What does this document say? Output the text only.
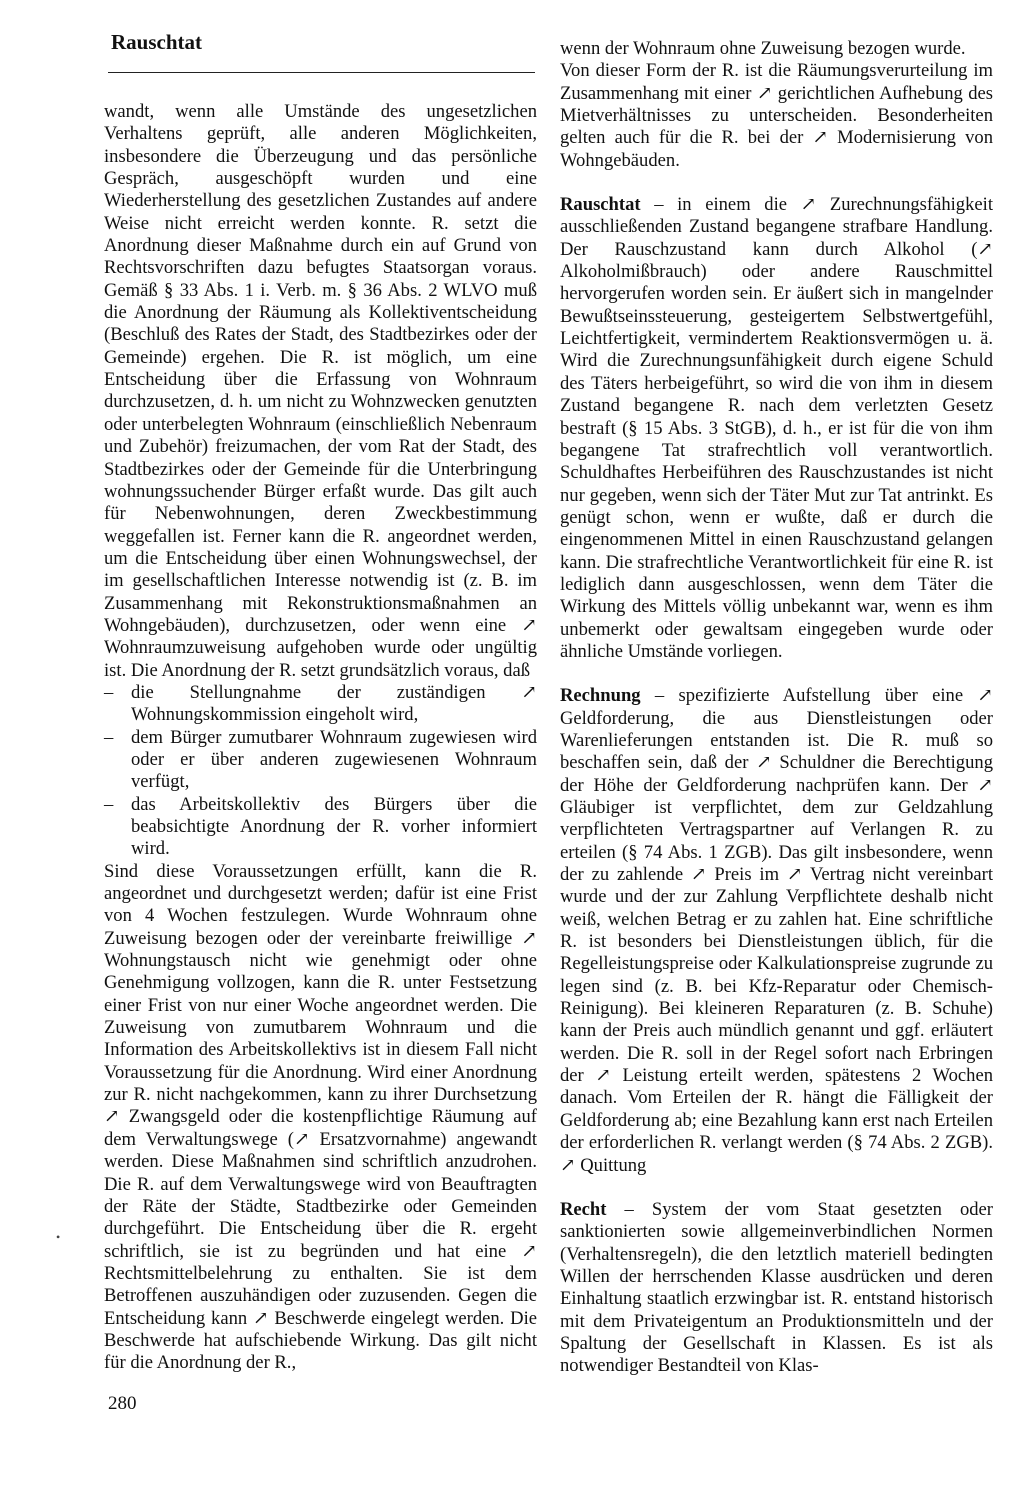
Rauschtat

wandt, wenn alle Umstände des ungesetzlichen Verhaltens geprüft, alle anderen Möglichkeiten, insbesondere die Überzeugung und das persönliche Gespräch, ausgeschöpft wurden und eine Wiederherstellung des gesetzlichen Zustandes auf andere Weise nicht erreicht werden konnte. R. setzt die Anordnung dieser Maßnahme durch ein auf Grund von Rechtsvorschriften dazu befugtes Staatsorgan voraus. Gemäß § 33 Abs. 1 i. Verb. m. § 36 Abs. 2 WLVO muß die Anordnung der Räumung als Kollektiventscheidung (Beschluß des Rates der Stadt, des Stadtbezirkes oder der Gemeinde) ergehen. Die R. ist möglich, um eine Entscheidung über die Erfassung von Wohnraum durchzusetzen, d. h. um nicht zu Wohnzwecken genutzten oder unterbelegten Wohnraum (einschließlich Nebenraum und Zubehör) freizumachen, der vom Rat der Stadt, des Stadtbezirkes oder der Gemeinde für die Unterbringung wohnungssuchender Bürger erfaßt wurde. Das gilt auch für Nebenwohnungen, deren Zweckbestimmung weggefallen ist. Ferner kann die R. angeordnet werden, um die Entscheidung über einen Wohnungswechsel, der im gesellschaftlichen Interesse notwendig ist (z. B. im Zusammenhang mit Rekonstruktionsmaßnahmen an Wohngebäuden), durchzusetzen, oder wenn eine ↗ Wohnraumzuweisung aufgehoben wurde oder ungültig ist. Die Anordnung der R. setzt grundsätzlich voraus, daß

– die Stellungnahme der zuständigen ↗ Wohnungskommission eingeholt wird,
– dem Bürger zumutbarer Wohnraum zugewiesen wird oder er über anderen zugewiesenen Wohnraum verfügt,
– das Arbeitskollektiv des Bürgers über die beabsichtigte Anordnung der R. vorher informiert wird.

Sind diese Voraussetzungen erfüllt, kann die R. angeordnet und durchgesetzt werden; dafür ist eine Frist von 4 Wochen festzulegen. Wurde Wohnraum ohne Zuweisung bezogen oder der vereinbarte freiwillige ↗ Wohnungstausch nicht wie genehmigt oder ohne Genehmigung vollzogen, kann die R. unter Festsetzung einer Frist von nur einer Woche angeordnet werden. Die Zuweisung von zumutbarem Wohnraum und die Information des Arbeitskollektivs ist in diesem Fall nicht Voraussetzung für die Anordnung. Wird einer Anordnung zur R. nicht nachgekommen, kann zu ihrer Durchsetzung ↗ Zwangsgeld oder die kostenpflichtige Räumung auf dem Verwaltungswege (↗ Ersatzvornahme) angewandt werden. Diese Maßnahmen sind schriftlich anzudrohen. Die R. auf dem Verwaltungswege wird von Beauftragten der Räte der Städte, Stadtbezirke oder Gemeinden durchgeführt. Die Entscheidung über die R. ergeht schriftlich, sie ist zu begründen und hat eine ↗ Rechtsmittelbelehrung zu enthalten. Sie ist dem Betroffenen auszuhändigen oder zuzusenden. Gegen die Entscheidung kann ↗ Beschwerde eingelegt werden. Die Beschwerde hat aufschiebende Wirkung. Das gilt nicht für die Anordnung der R.,

wenn der Wohnraum ohne Zuweisung bezogen wurde.

Von dieser Form der R. ist die Räumungsverurteilung im Zusammenhang mit einer ↗ gerichtlichen Aufhebung des Mietverhältnisses zu unterscheiden. Besonderheiten gelten auch für die R. bei der ↗ Modernisierung von Wohngebäuden.

Rauschtat – in einem die ↗ Zurechnungsfähigkeit ausschließenden Zustand begangene strafbare Handlung. Der Rauschzustand kann durch Alkohol (↗ Alkoholmißbrauch) oder andere Rauschmittel hervorgerufen worden sein. Er äußert sich in mangelnder Bewußtseinssteuerung, gesteigertem Selbstwertgefühl, Leichtfertigkeit, vermindertem Reaktionsvermögen u. ä. Wird die Zurechnungsunfähigkeit durch eigene Schuld des Täters herbeigeführt, so wird die von ihm in diesem Zustand begangene R. nach dem verletzten Gesetz bestraft (§ 15 Abs. 3 StGB), d. h., er ist für die von ihm begangene Tat strafrechtlich voll verantwortlich. Schuldhaftes Herbeiführen des Rauschzustandes ist nicht nur gegeben, wenn sich der Täter Mut zur Tat antrinkt. Es genügt schon, wenn er wußte, daß er durch die eingenommenen Mittel in einen Rauschzustand gelangen kann. Die strafrechtliche Verantwortlichkeit für eine R. ist lediglich dann ausgeschlossen, wenn dem Täter die Wirkung des Mittels völlig unbekannt war, wenn es ihm unbemerkt oder gewaltsam eingegeben wurde oder ähnliche Umstände vorliegen.

Rechnung – spezifizierte Aufstellung über eine ↗ Geldforderung, die aus Dienstleistungen oder Warenlieferungen entstanden ist. Die R. muß so beschaffen sein, daß der ↗ Schuldner die Berechtigung der Höhe der Geldforderung nachprüfen kann. Der ↗ Gläubiger ist verpflichtet, dem zur Geldzahlung verpflichteten Vertragspartner auf Verlangen R. zu erteilen (§ 74 Abs. 1 ZGB). Das gilt insbesondere, wenn der zu zahlende ↗ Preis im ↗ Vertrag nicht vereinbart wurde und der zur Zahlung Verpflichtete deshalb nicht weiß, welchen Betrag er zu zahlen hat. Eine schriftliche R. ist besonders bei Dienstleistungen üblich, für die Regelleistungspreise oder Kalkulationspreise zugrunde zu legen sind (z. B. bei Kfz-Reparatur oder Chemisch-Reinigung). Bei kleineren Reparaturen (z. B. Schuhe) kann der Preis auch mündlich genannt und ggf. erläutert werden. Die R. soll in der Regel sofort nach Erbringen der ↗ Leistung erteilt werden, spätestens 2 Wochen danach. Vom Erteilen der R. hängt die Fälligkeit der Geldforderung ab; eine Bezahlung kann erst nach Erteilen der erforderlichen R. verlangt werden (§ 74 Abs. 2 ZGB). ↗ Quittung

Recht – System der vom Staat gesetzten oder sanktionierten sowie allgemeinverbindlichen Normen (Verhaltensregeln), die den letztlich materiell bedingten Willen der herrschenden Klasse ausdrücken und deren Einhaltung staatlich erzwingbar ist. R. entstand historisch mit dem Privateigentum an Produktionsmitteln und der Spaltung der Gesellschaft in Klassen. Es ist als notwendiger Bestandteil von Klas-

•
280
